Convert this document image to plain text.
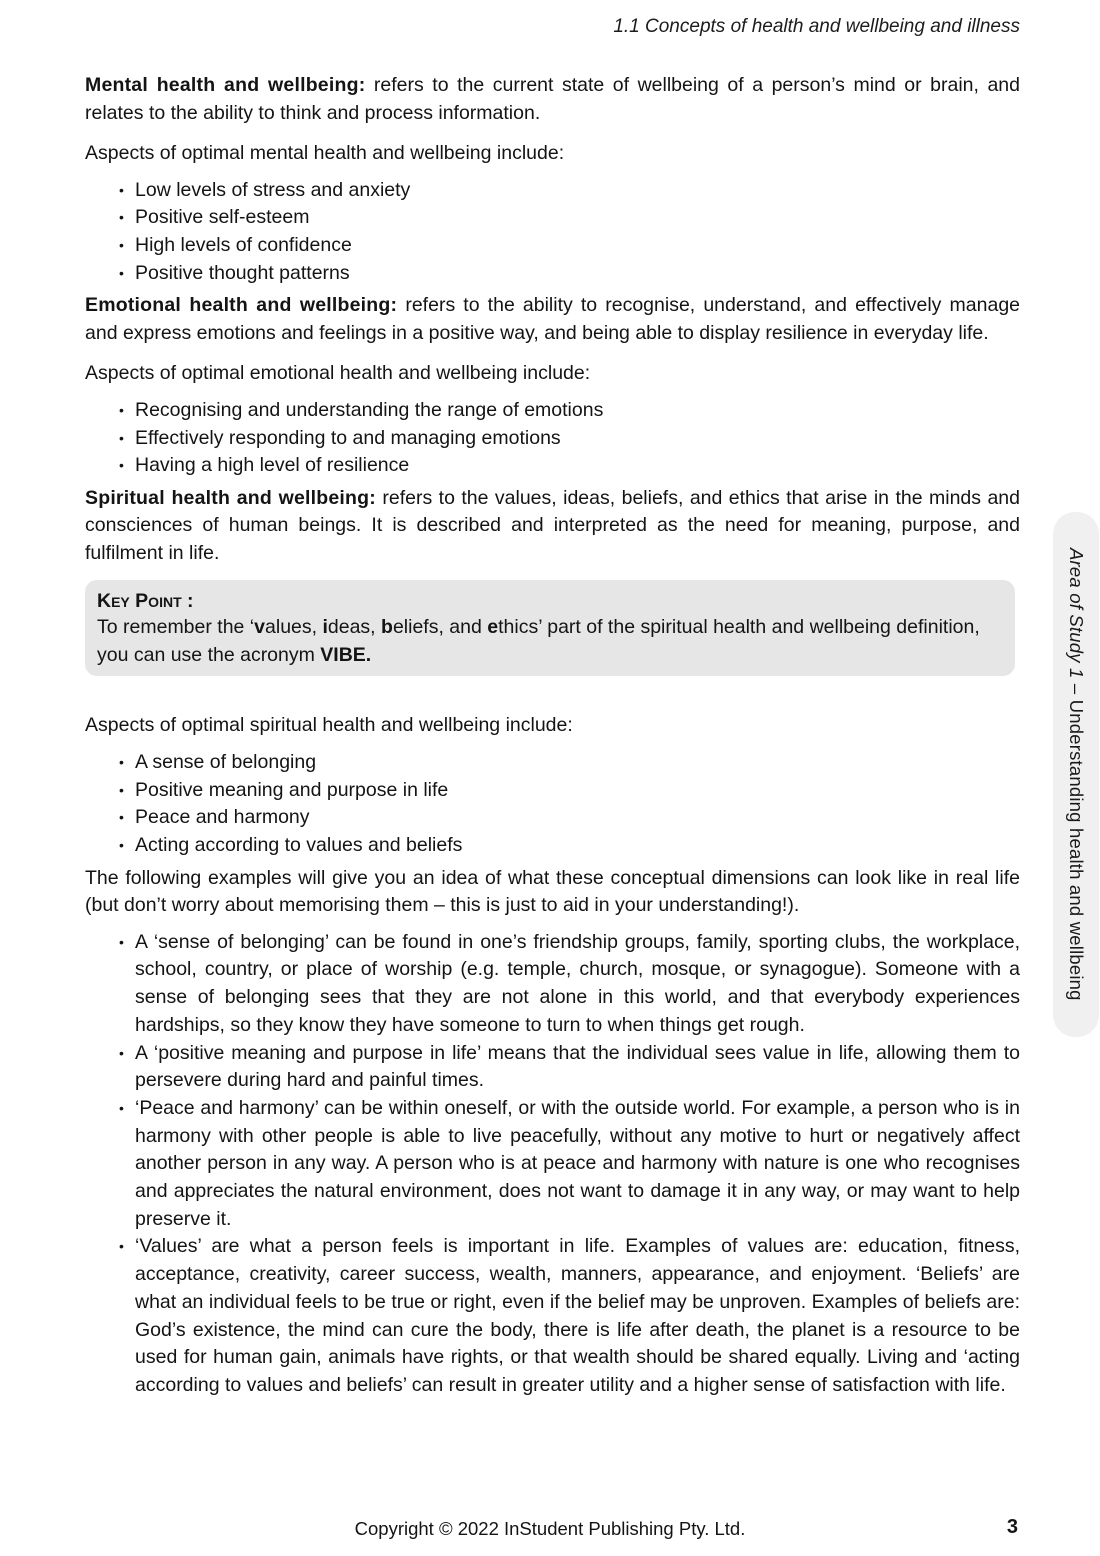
1.1 Concepts of health and wellbeing and illness

Mental health and wellbeing: refers to the current state of wellbeing of a person’s mind or brain, and relates to the ability to think and process information.

Aspects of optimal mental health and wellbeing include:

• Low levels of stress and anxiety
• Positive self-esteem
• High levels of confidence
• Positive thought patterns

Emotional health and wellbeing: refers to the ability to recognise, understand, and effectively manage and express emotions and feelings in a positive way, and being able to display resilience in everyday life.

Aspects of optimal emotional health and wellbeing include:

• Recognising and understanding the range of emotions
• Effectively responding to and managing emotions
• Having a high level of resilience

Spiritual health and wellbeing: refers to the values, ideas, beliefs, and ethics that arise in the minds and consciences of human beings. It is described and interpreted as the need for meaning, purpose, and fulfilment in life.

Key Point :

To remember the ‘values, ideas, beliefs, and ethics’ part of the spiritual health and wellbeing definition, you can use the acronym VIBE.

Aspects of optimal spiritual health and wellbeing include:

• A sense of belonging
• Positive meaning and purpose in life
• Peace and harmony
• Acting according to values and beliefs

The following examples will give you an idea of what these conceptual dimensions can look like in real life (but don’t worry about memorising them – this is just to aid in your understanding!).

• A ‘sense of belonging’ can be found in one’s friendship groups, family, sporting clubs, the workplace, school, country, or place of worship (e.g. temple, church, mosque, or synagogue). Someone with a sense of belonging sees that they are not alone in this world, and that everybody experiences hardships, so they know they have someone to turn to when things get rough.
• A ‘positive meaning and purpose in life’ means that the individual sees value in life, allowing them to persevere during hard and painful times.
• ‘Peace and harmony’ can be within oneself, or with the outside world. For example, a person who is in harmony with other people is able to live peacefully, without any motive to hurt or negatively affect another person in any way. A person who is at peace and harmony with nature is one who recognises and appreciates the natural environment, does not want to damage it in any way, or may want to help preserve it.
• ‘Values’ are what a person feels is important in life. Examples of values are: education, fitness, acceptance, creativity, career success, wealth, manners, appearance, and enjoyment. ‘Beliefs’ are what an individual feels to be true or right, even if the belief may be unproven. Examples of beliefs are: God’s existence, the mind can cure the body, there is life after death, the planet is a resource to be used for human gain, animals have rights, or that wealth should be shared equally. Living and ‘acting according to values and beliefs’ can result in greater utility and a higher sense of satisfaction with life.
Area of Study 1 – Understanding health and wellbeing
Copyright © 2022 InStudent Publishing Pty. Ltd.	3
